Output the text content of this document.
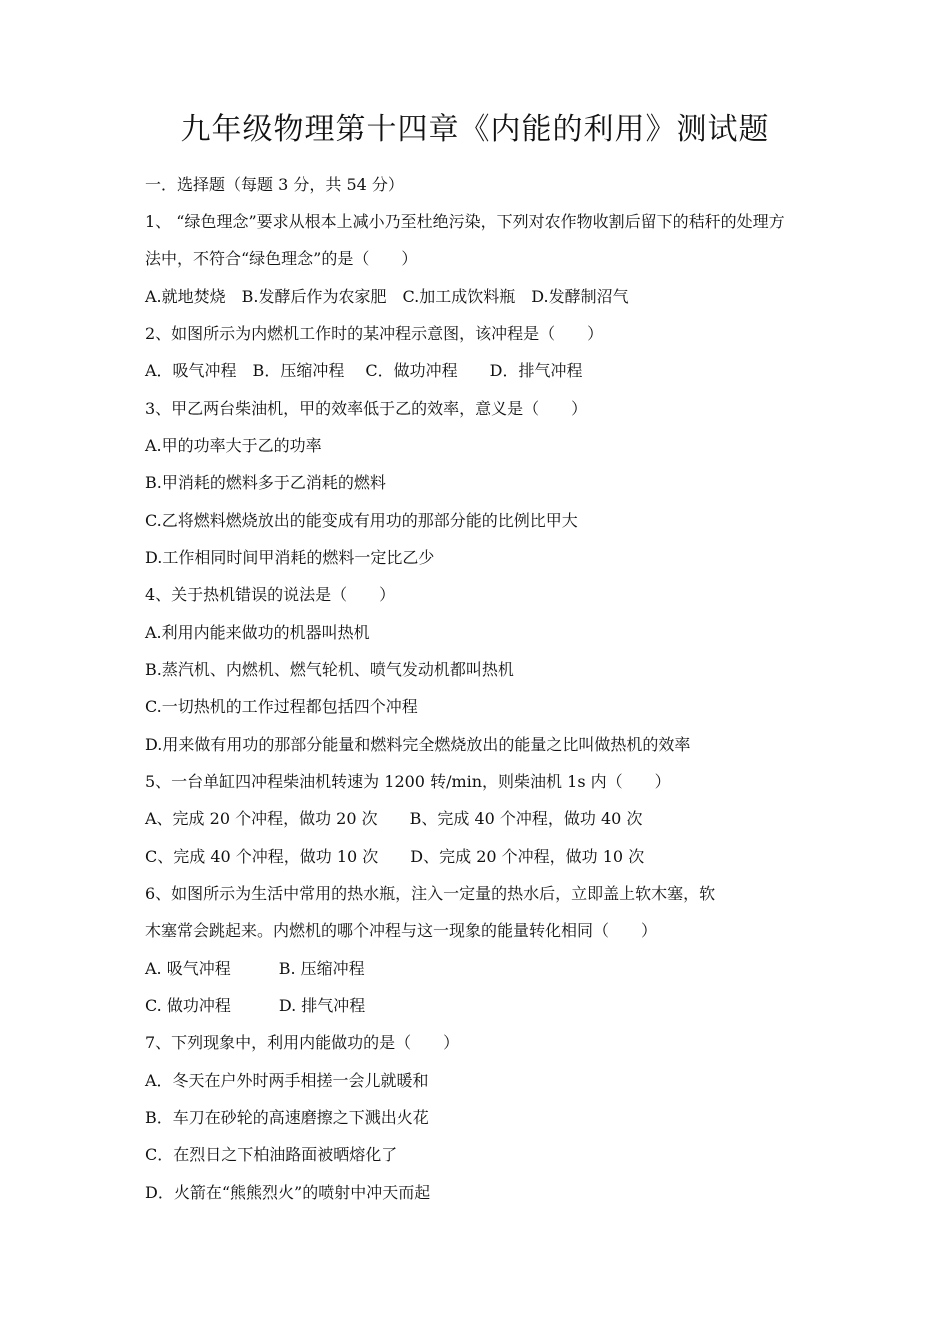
九年级物理第十四章《内能的利用》测试题

一．选择题（每题 3 分，共 54 分）

1、 “绿色理念”要求从根本上减小乃至杜绝污染，下列对农作物收割后留下的秸秆的处理方

法中，不符合“绿色理念”的是（　　）

A.就地焚烧　B.发酵后作为农家肥　C.加工成饮料瓶　D.发酵制沼气

2、如图所示为内燃机工作时的某冲程示意图，该冲程是（　　）

A．吸气冲程　B．压缩冲程　 C．做功冲程　　D．排气冲程

3、甲乙两台柴油机，甲的效率低于乙的效率，意义是（　　）

A.甲的功率大于乙的功率

B.甲消耗的燃料多于乙消耗的燃料

C.乙将燃料燃烧放出的能变成有用功的那部分能的比例比甲大

D.工作相同时间甲消耗的燃料一定比乙少

4、关于热机错误的说法是（　　）

A.利用内能来做功的机器叫热机

B.蒸汽机、内燃机、燃气轮机、喷气发动机都叫热机

C.一切热机的工作过程都包括四个冲程

D.用来做有用功的那部分能量和燃料完全燃烧放出的能量之比叫做热机的效率

5、一台单缸四冲程柴油机转速为 1200 转/min，则柴油机 1s 内（　　）

A、完成 20 个冲程，做功 20 次　　B、完成 40 个冲程，做功 40 次

C、完成 40 个冲程，做功 10 次　　D、完成 20 个冲程，做功 10 次

6、如图所示为生活中常用的热水瓶，注入一定量的热水后，立即盖上软木塞，软

木塞常会跳起来。内燃机的哪个冲程与这一现象的能量转化相同（　　）

A. 吸气冲程　　　B. 压缩冲程

C. 做功冲程　　　D. 排气冲程

7、下列现象中，利用内能做功的是（　　）

A．冬天在户外时两手相搓一会儿就暖和

B．车刀在砂轮的高速磨擦之下溅出火花

C．在烈日之下柏油路面被晒熔化了

D．火箭在“熊熊烈火”的喷射中冲天而起
